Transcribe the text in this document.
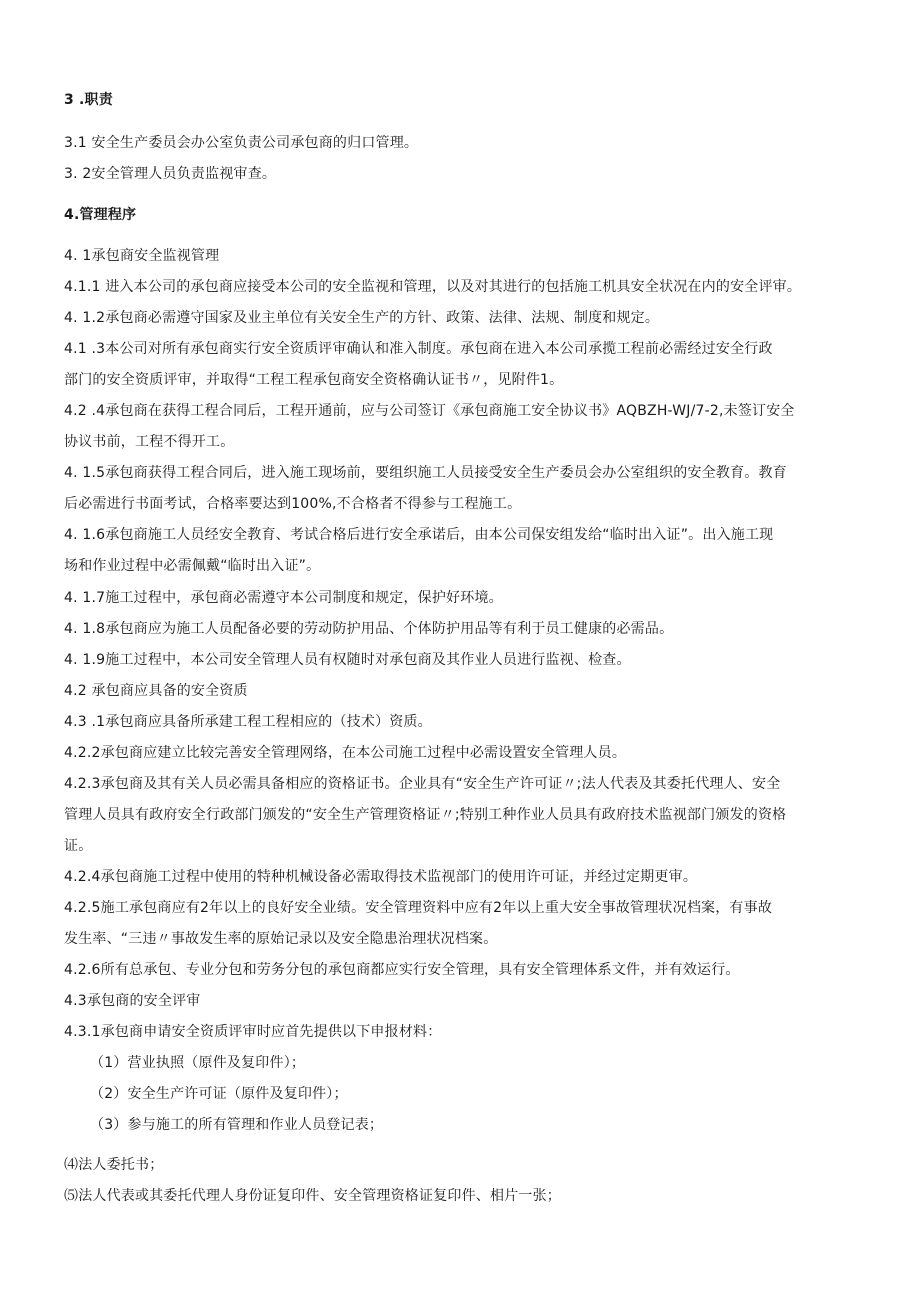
3 .职责
3.1 安全生产委员会办公室负责公司承包商的归口管理。
3. 2安全管理人员负责监视审查。
4.管理程序
4. 1承包商安全监视管理
4.1.1 进入本公司的承包商应接受本公司的安全监视和管理，以及对其进行的包括施工机具安全状况在内的安全评审。
4. 1.2承包商必需遵守国家及业主单位有关安全生产的方针、政策、法律、法规、制度和规定。
4.1 .3本公司对所有承包商实行安全资质评审确认和准入制度。承包商在进入本公司承揽工程前必需经过安全行政
部门的安全资质评审，并取得“工程工程承包商安全资格确认证书〃，见附件1。
4.2 .4承包商在获得工程合同后，工程开通前，应与公司签订《承包商施工安全协议书》AQBZH-WJ/7-2,未签订安全
协议书前，工程不得开工。
4. 1.5承包商获得工程合同后，进入施工现场前，要组织施工人员接受安全生产委员会办公室组织的安全教育。教育
后必需进行书面考试，合格率要达到100%,不合格者不得参与工程施工。
4. 1.6承包商施工人员经安全教育、考试合格后进行安全承诺后，由本公司保安组发给“临时出入证”。出入施工现
场和作业过程中必需佩戴“临时出入证”。
4. 1.7施工过程中，承包商必需遵守本公司制度和规定，保护好环境。
4. 1.8承包商应为施工人员配备必要的劳动防护用品、个体防护用品等有利于员工健康的必需品。
4. 1.9施工过程中，本公司安全管理人员有权随时对承包商及其作业人员进行监视、检查。
4.2 承包商应具备的安全资质
4.3 .1承包商应具备所承建工程工程相应的（技术）资质。
4.2.2承包商应建立比较完善安全管理网络，在本公司施工过程中必需设置安全管理人员。
4.2.3承包商及其有关人员必需具备相应的资格证书。企业具有“安全生产许可证〃;法人代表及其委托代理人、安全
管理人员具有政府安全行政部门颁发的“安全生产管理资格证〃;特别工种作业人员具有政府技术监视部门颁发的资格
证。
4.2.4承包商施工过程中使用的特种机械设备必需取得技术监视部门的使用许可证，并经过定期更审。
4.2.5施工承包商应有2年以上的良好安全业绩。安全管理资料中应有2年以上重大安全事故管理状况档案，有事故
发生率、“三违〃事故发生率的原始记录以及安全隐患治理状况档案。
4.2.6所有总承包、专业分包和劳务分包的承包商都应实行安全管理，具有安全管理体系文件，并有效运行。
4.3承包商的安全评审
4.3.1承包商申请安全资质评审时应首先提供以下申报材料：
（1）营业执照（原件及复印件）；
（2）安全生产许可证（原件及复印件）；
（3）参与施工的所有管理和作业人员登记表；
⑷法人委托书；
⑸法人代表或其委托代理人身份证复印件、安全管理资格证复印件、相片一张；
